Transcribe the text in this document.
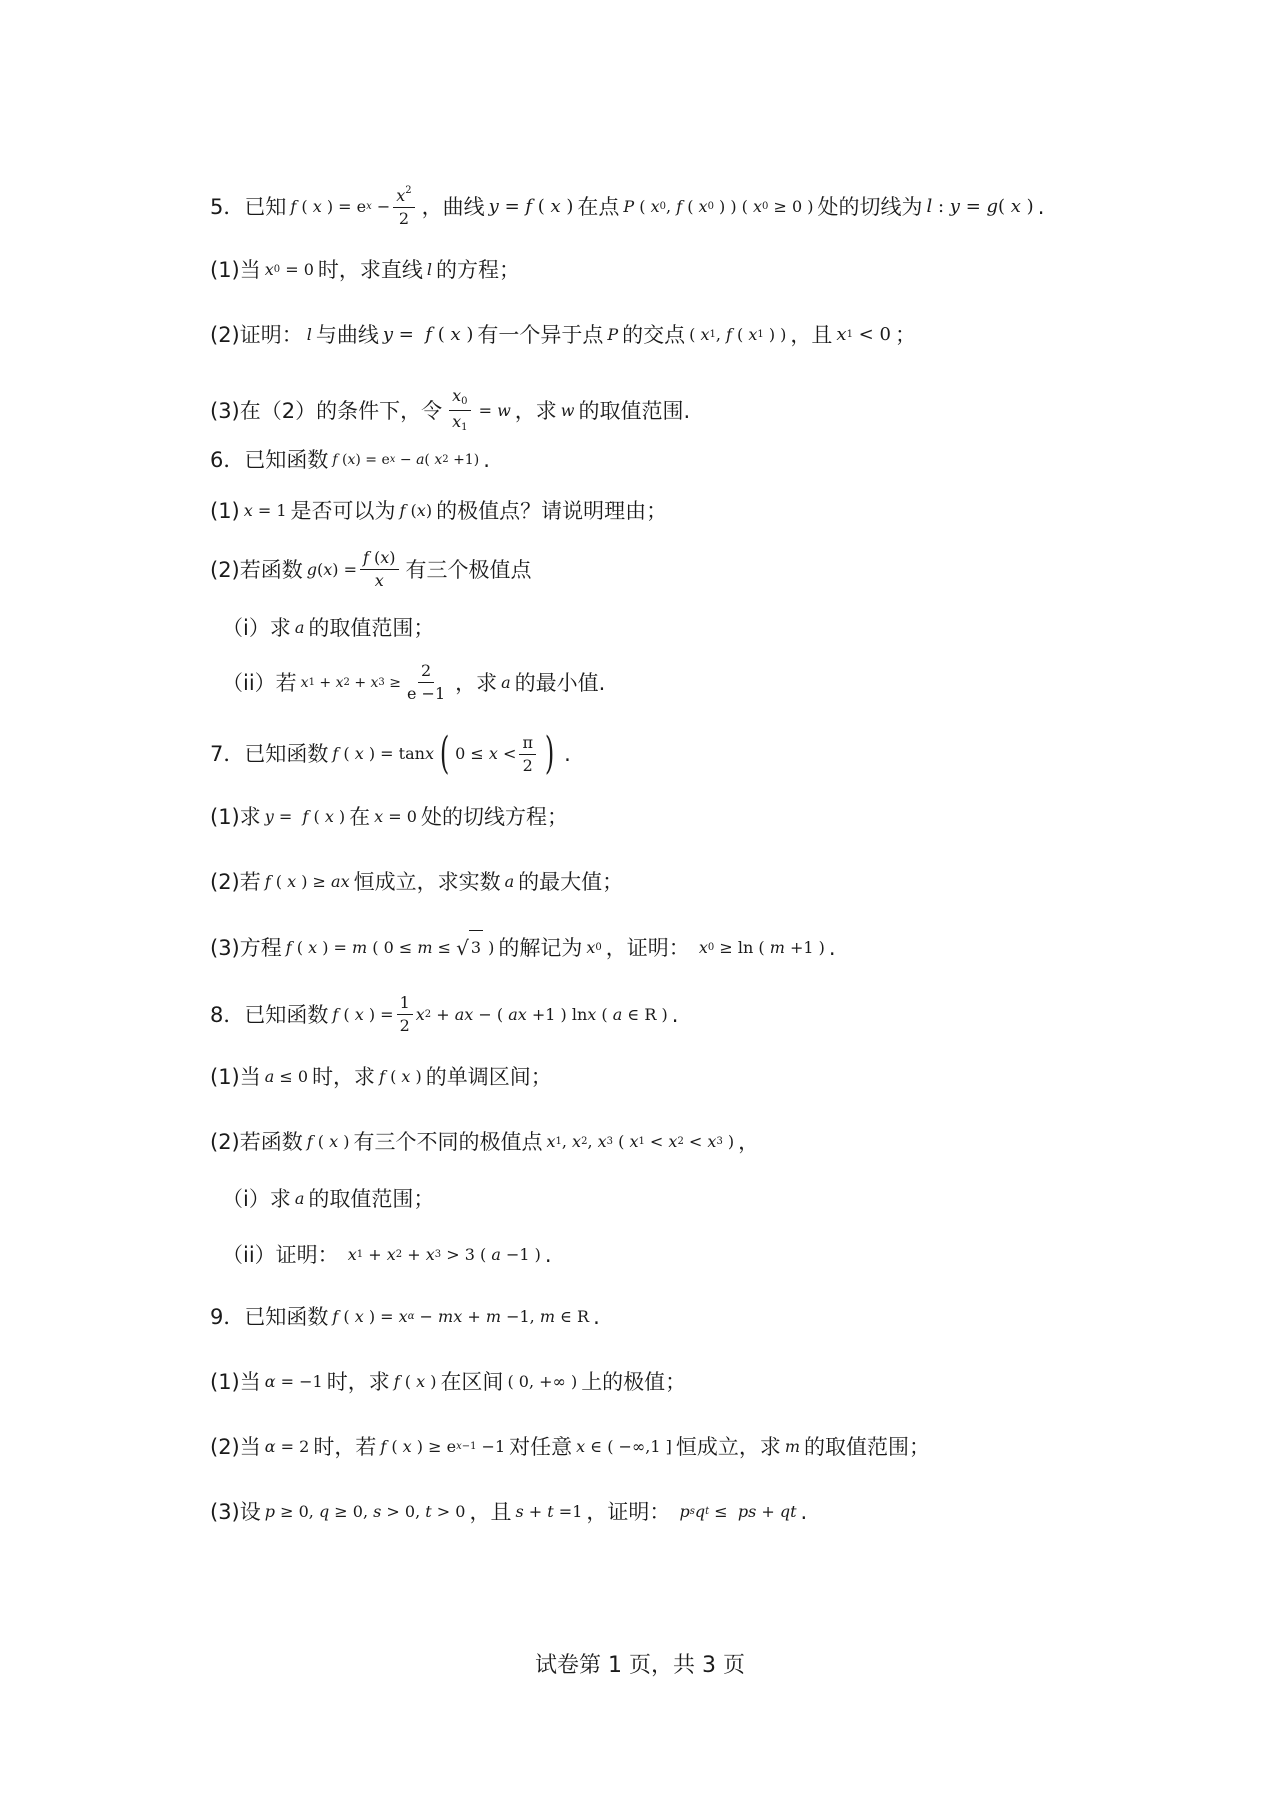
5．已知 f ( x ) = e $x - \frac{x^2}{2}$ ，曲线 y = f ( x ) 在点 P ( x 0 , f ( x 0 ) ) ( x 0 ≥ 0 ) 处的切线为 l : y = g ( x ) .
(1)当 x 0 = 0 时，求直线 l 的方程；
(2)证明： l 与曲线 y = f ( x ) 有一个异于点 P 的交点 ( x 1 , f ( x 1 ) ) ，且 x 1 < 0 ；
(3)在（2）的条件下，令 $\frac{x_0}{x_1} = w$ ，求 w 的取值范围.
6．已知函数 f ( x ) = e x − a ( x 2 +1) .
(1) x = 1 是否可以为 f ( x ) 的极值点？请说明理由；
(2)若函数 g ( x ) = $\frac{f (x)}{x}$ 有三个极值点
（i）求 a 的取值范围；
（ii）若 x 1 + x 2 + x $3 \ge \frac{2}{e -1}$ ，求 a 的最小值.
7．已知函数 f ( x ) = tan x ( $0 \le x < \frac{\pi}{2}$ ) .
(1)求 y = f ( x ) 在 x = 0 处的切线方程；
(2)若 f ( x ) ≥ ax 恒成立，求实数 a 的最大值；
(3)方程 f ( x ) = m ( 0 ≤ m ≤ √ 3 ) 的解记为 x 0 ，证明：
x 0 ≥ ln ( m +1 ) .
8．已知函数 f ( x ) = $\frac{1}{2}$ x 2 + ax − ( ax +1 ) ln x ( a ∈ R ) .
(1)当 a ≤ 0 时，求 f ( x ) 的单调区间；
(2)若函数 f ( x ) 有三个不同的极值点 x 1 , x 2 , x 3 ( x 1 < x 2 < x 3 ) ，
（i）求 a 的取值范围；
（ii）证明：
x 1 + x 2 + x 3 > 3 ( a −1 ) .
9．已知函数 f ( x ) = x α − mx + m −1, m ∈ R .
(1)当 α = −1 时，求 f ( x ) 在区间 ( 0, +∞ ) 上的极值；
(2)当 α = 2 时，若 f ( x ) ≥ e x−1 −1 对任意 x ∈ ( −∞,1 ] 恒成立，求 m 的取值范围；
(3)设 p ≥ 0, q ≥ 0, s > 0, t > 0 ，且 s + t =1 ，证明：
p s q t ≤ ps + qt .
试卷第 1 页，共 3 页
